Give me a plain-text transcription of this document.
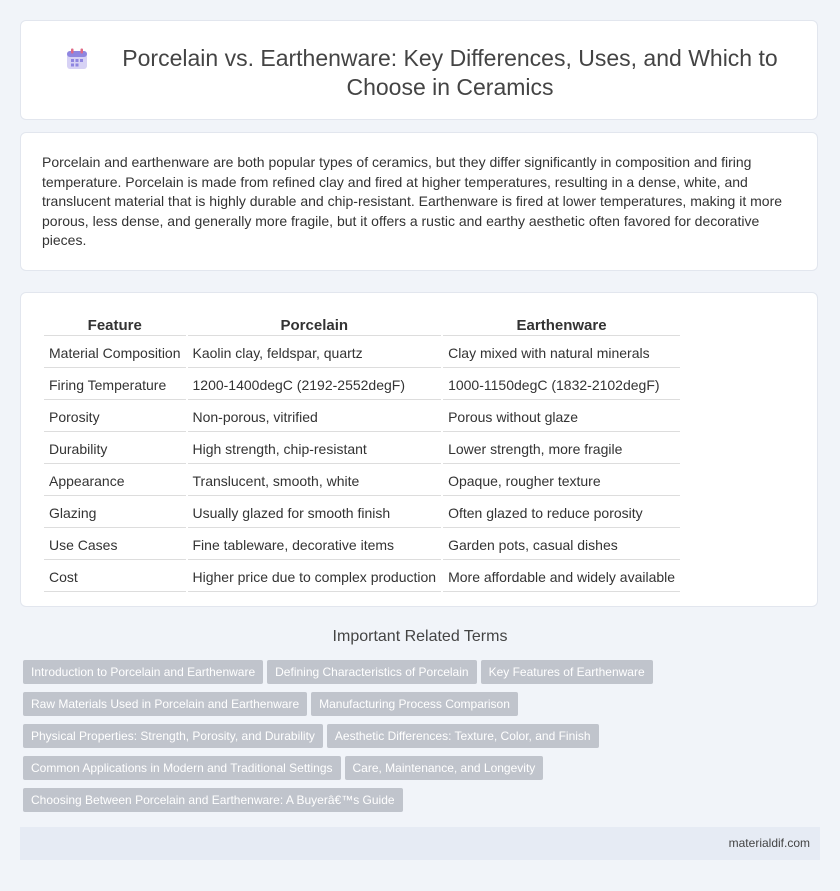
Porcelain vs. Earthenware: Key Differences, Uses, and Which to Choose in Ceramics

Porcelain and earthenware are both popular types of ceramics, but they differ significantly in composition and firing temperature. Porcelain is made from refined clay and fired at higher temperatures, resulting in a dense, white, and translucent material that is highly durable and chip-resistant. Earthenware is fired at lower temperatures, making it more porous, less dense, and generally more fragile, but it offers a rustic and earthy aesthetic often favored for decorative pieces.

Feature	Porcelain	Earthenware
Material Composition	Kaolin clay, feldspar, quartz	Clay mixed with natural minerals
Firing Temperature	1200-1400degC (2192-2552degF)	1000-1150degC (1832-2102degF)
Porosity	Non-porous, vitrified	Porous without glaze
Durability	High strength, chip-resistant	Lower strength, more fragile
Appearance	Translucent, smooth, white	Opaque, rougher texture
Glazing	Usually glazed for smooth finish	Often glazed to reduce porosity
Use Cases	Fine tableware, decorative items	Garden pots, casual dishes
Cost	Higher price due to complex production	More affordable and widely available
Important Related Terms
Introduction to Porcelain and Earthenware Defining Characteristics of Porcelain Key Features of EarthenwareRaw Materials Used in Porcelain and Earthenware Manufacturing Process ComparisonPhysical Properties: Strength, Porosity, and Durability Aesthetic Differences: Texture, Color, and FinishCommon Applications in Modern and Traditional Settings Care, Maintenance, and LongevityChoosing Between Porcelain and Earthenware: A Buyerâ€™s Guide
materialdif.com
